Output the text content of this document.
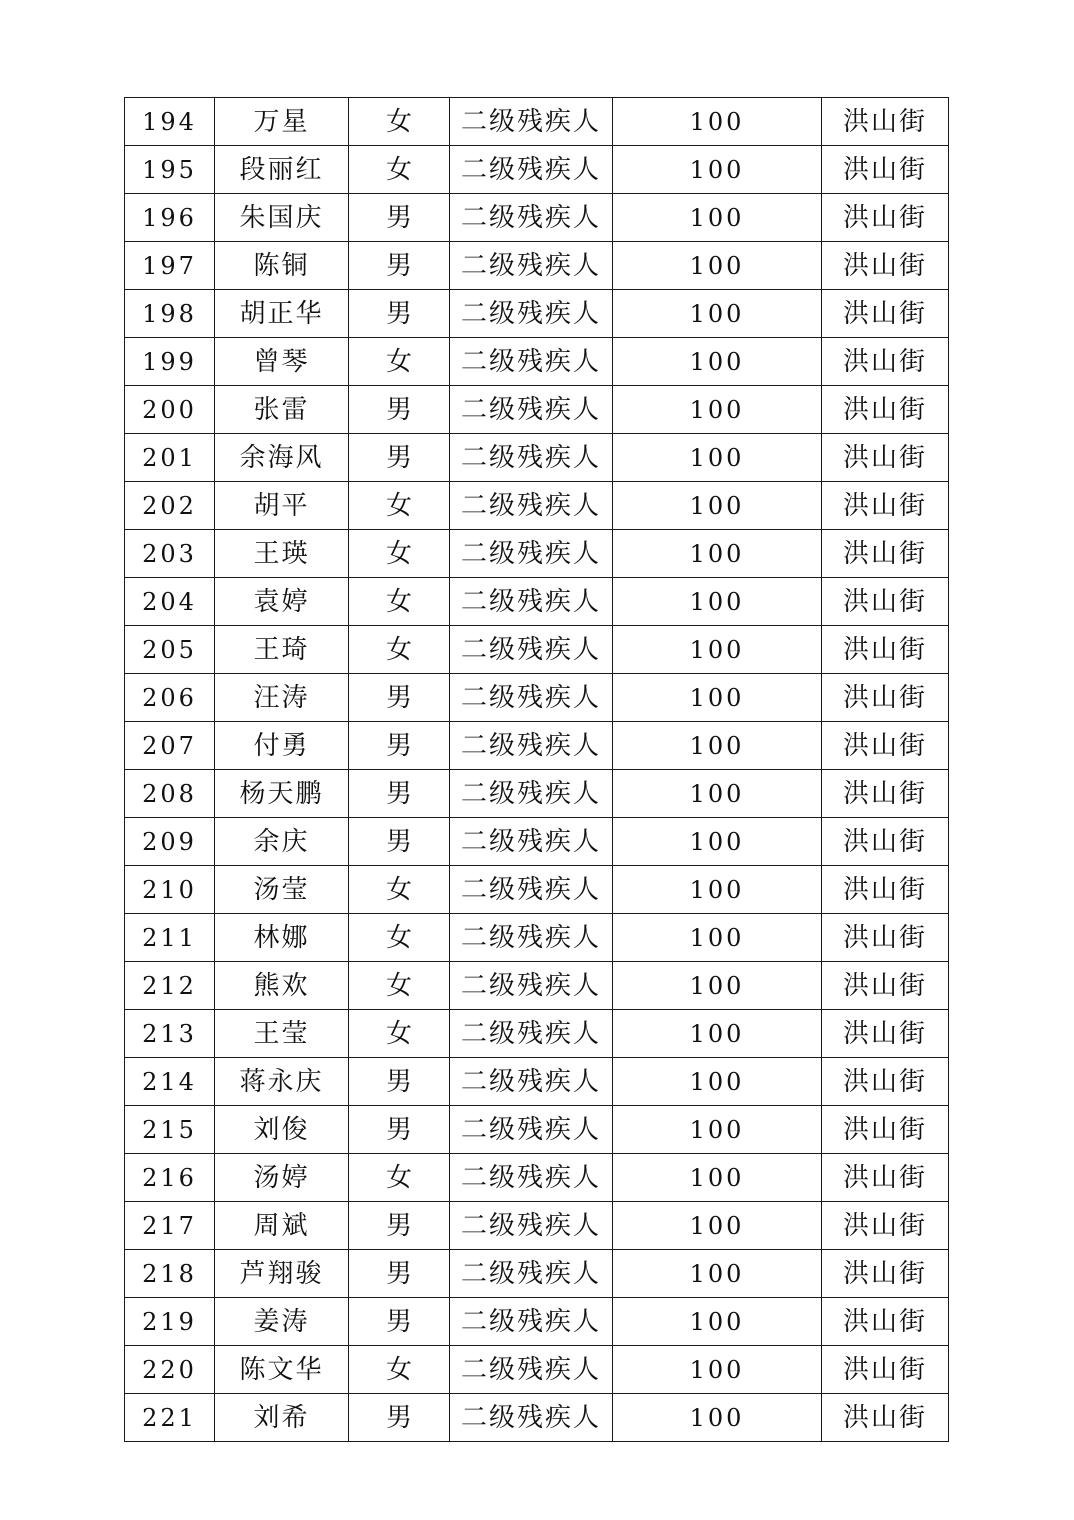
194	万星	女	二级残疾人	100	洪山街
195	段丽红	女	二级残疾人	100	洪山街
196	朱国庆	男	二级残疾人	100	洪山街
197	陈铜	男	二级残疾人	100	洪山街
198	胡正华	男	二级残疾人	100	洪山街
199	曾琴	女	二级残疾人	100	洪山街
200	张雷	男	二级残疾人	100	洪山街
201	余海风	男	二级残疾人	100	洪山街
202	胡平	女	二级残疾人	100	洪山街
203	王瑛	女	二级残疾人	100	洪山街
204	袁婷	女	二级残疾人	100	洪山街
205	王琦	女	二级残疾人	100	洪山街
206	汪涛	男	二级残疾人	100	洪山街
207	付勇	男	二级残疾人	100	洪山街
208	杨天鹏	男	二级残疾人	100	洪山街
209	余庆	男	二级残疾人	100	洪山街
210	汤莹	女	二级残疾人	100	洪山街
211	林娜	女	二级残疾人	100	洪山街
212	熊欢	女	二级残疾人	100	洪山街
213	王莹	女	二级残疾人	100	洪山街
214	蒋永庆	男	二级残疾人	100	洪山街
215	刘俊	男	二级残疾人	100	洪山街
216	汤婷	女	二级残疾人	100	洪山街
217	周斌	男	二级残疾人	100	洪山街
218	芦翔骏	男	二级残疾人	100	洪山街
219	姜涛	男	二级残疾人	100	洪山街
220	陈文华	女	二级残疾人	100	洪山街
221	刘希	男	二级残疾人	100	洪山街
